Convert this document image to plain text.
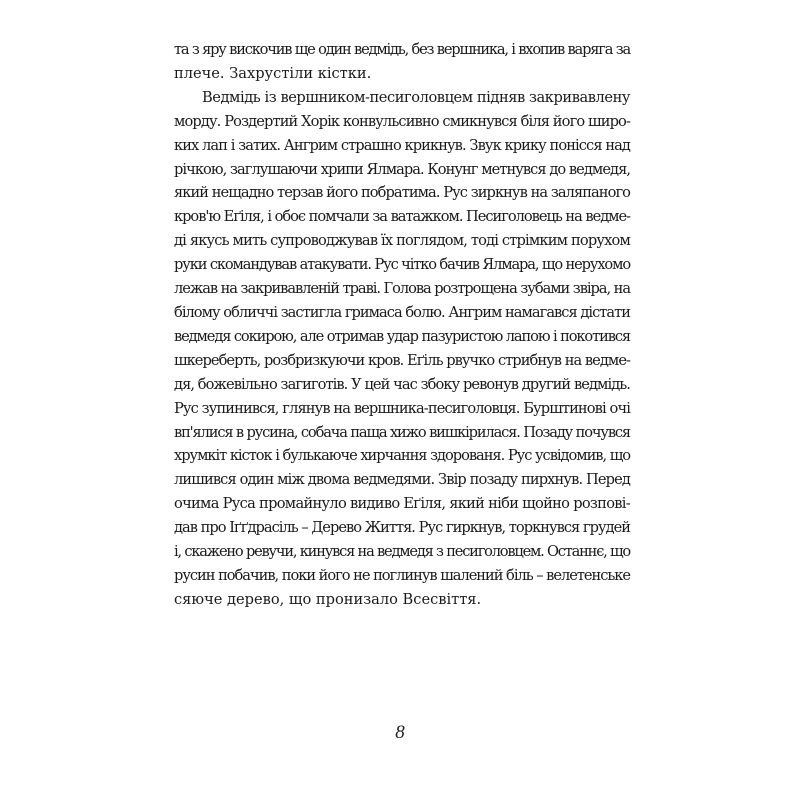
та з яру вискочив ще один ведмідь, без вершника, і вхопив варяга за
плече. Захрустіли кістки.
Ведмідь із вершником-песиголовцем підняв закривавлену
морду. Роздертий Хорік конвульсивно смикнувся біля його широ-
ких лап і затих. Ангрим страшно крикнув. Звук крику понісся над
річкою, заглушаючи хрипи Ялмара. Конунг метнувся до ведмедя,
який нещадно терзав його побратима. Рус зиркнув на заляпаного
кров'ю Еґіля, і обоє помчали за ватажком. Песиголовець на ведме-
ді якусь мить супроводжував їх поглядом, тоді стрімким порухом
руки скомандував атакувати. Рус чітко бачив Ялмара, що нерухомо
лежав на закривавленій траві. Голова розтрощена зубами звіра, на
білому обличчі застигла гримаса болю. Ангрим намагався дістати
ведмедя сокирою, але отримав удар пазуристою лапою і покотився
шкереберть, розбризкуючи кров. Еґіль рвучко стрибнув на ведме-
дя, божевільно загиготів. У цей час збоку ревонув другий ведмідь.
Рус зупинився, глянув на вершника-песиголовця. Бурштинові очі
вп'ялися в русина, собача паща хижо вишкірилася. Позаду почувся
хрумкіт кісток і булькаюче хирчання здорованя. Рус усвідомив, що
лишився один між двома ведмедями. Звір позаду пирхнув. Перед
очима Руса промайнуло видиво Еґіля, який ніби щойно розпові-
дав про Іґґдрасіль – Дерево Життя. Рус гиркнув, торкнувся грудей
і, скажено ревучи, кинувся на ведмедя з песиголовцем. Останнє, що
русин побачив, поки його не поглинув шалений біль – велетенське
сяюче дерево, що пронизало Всесвіття.
8
